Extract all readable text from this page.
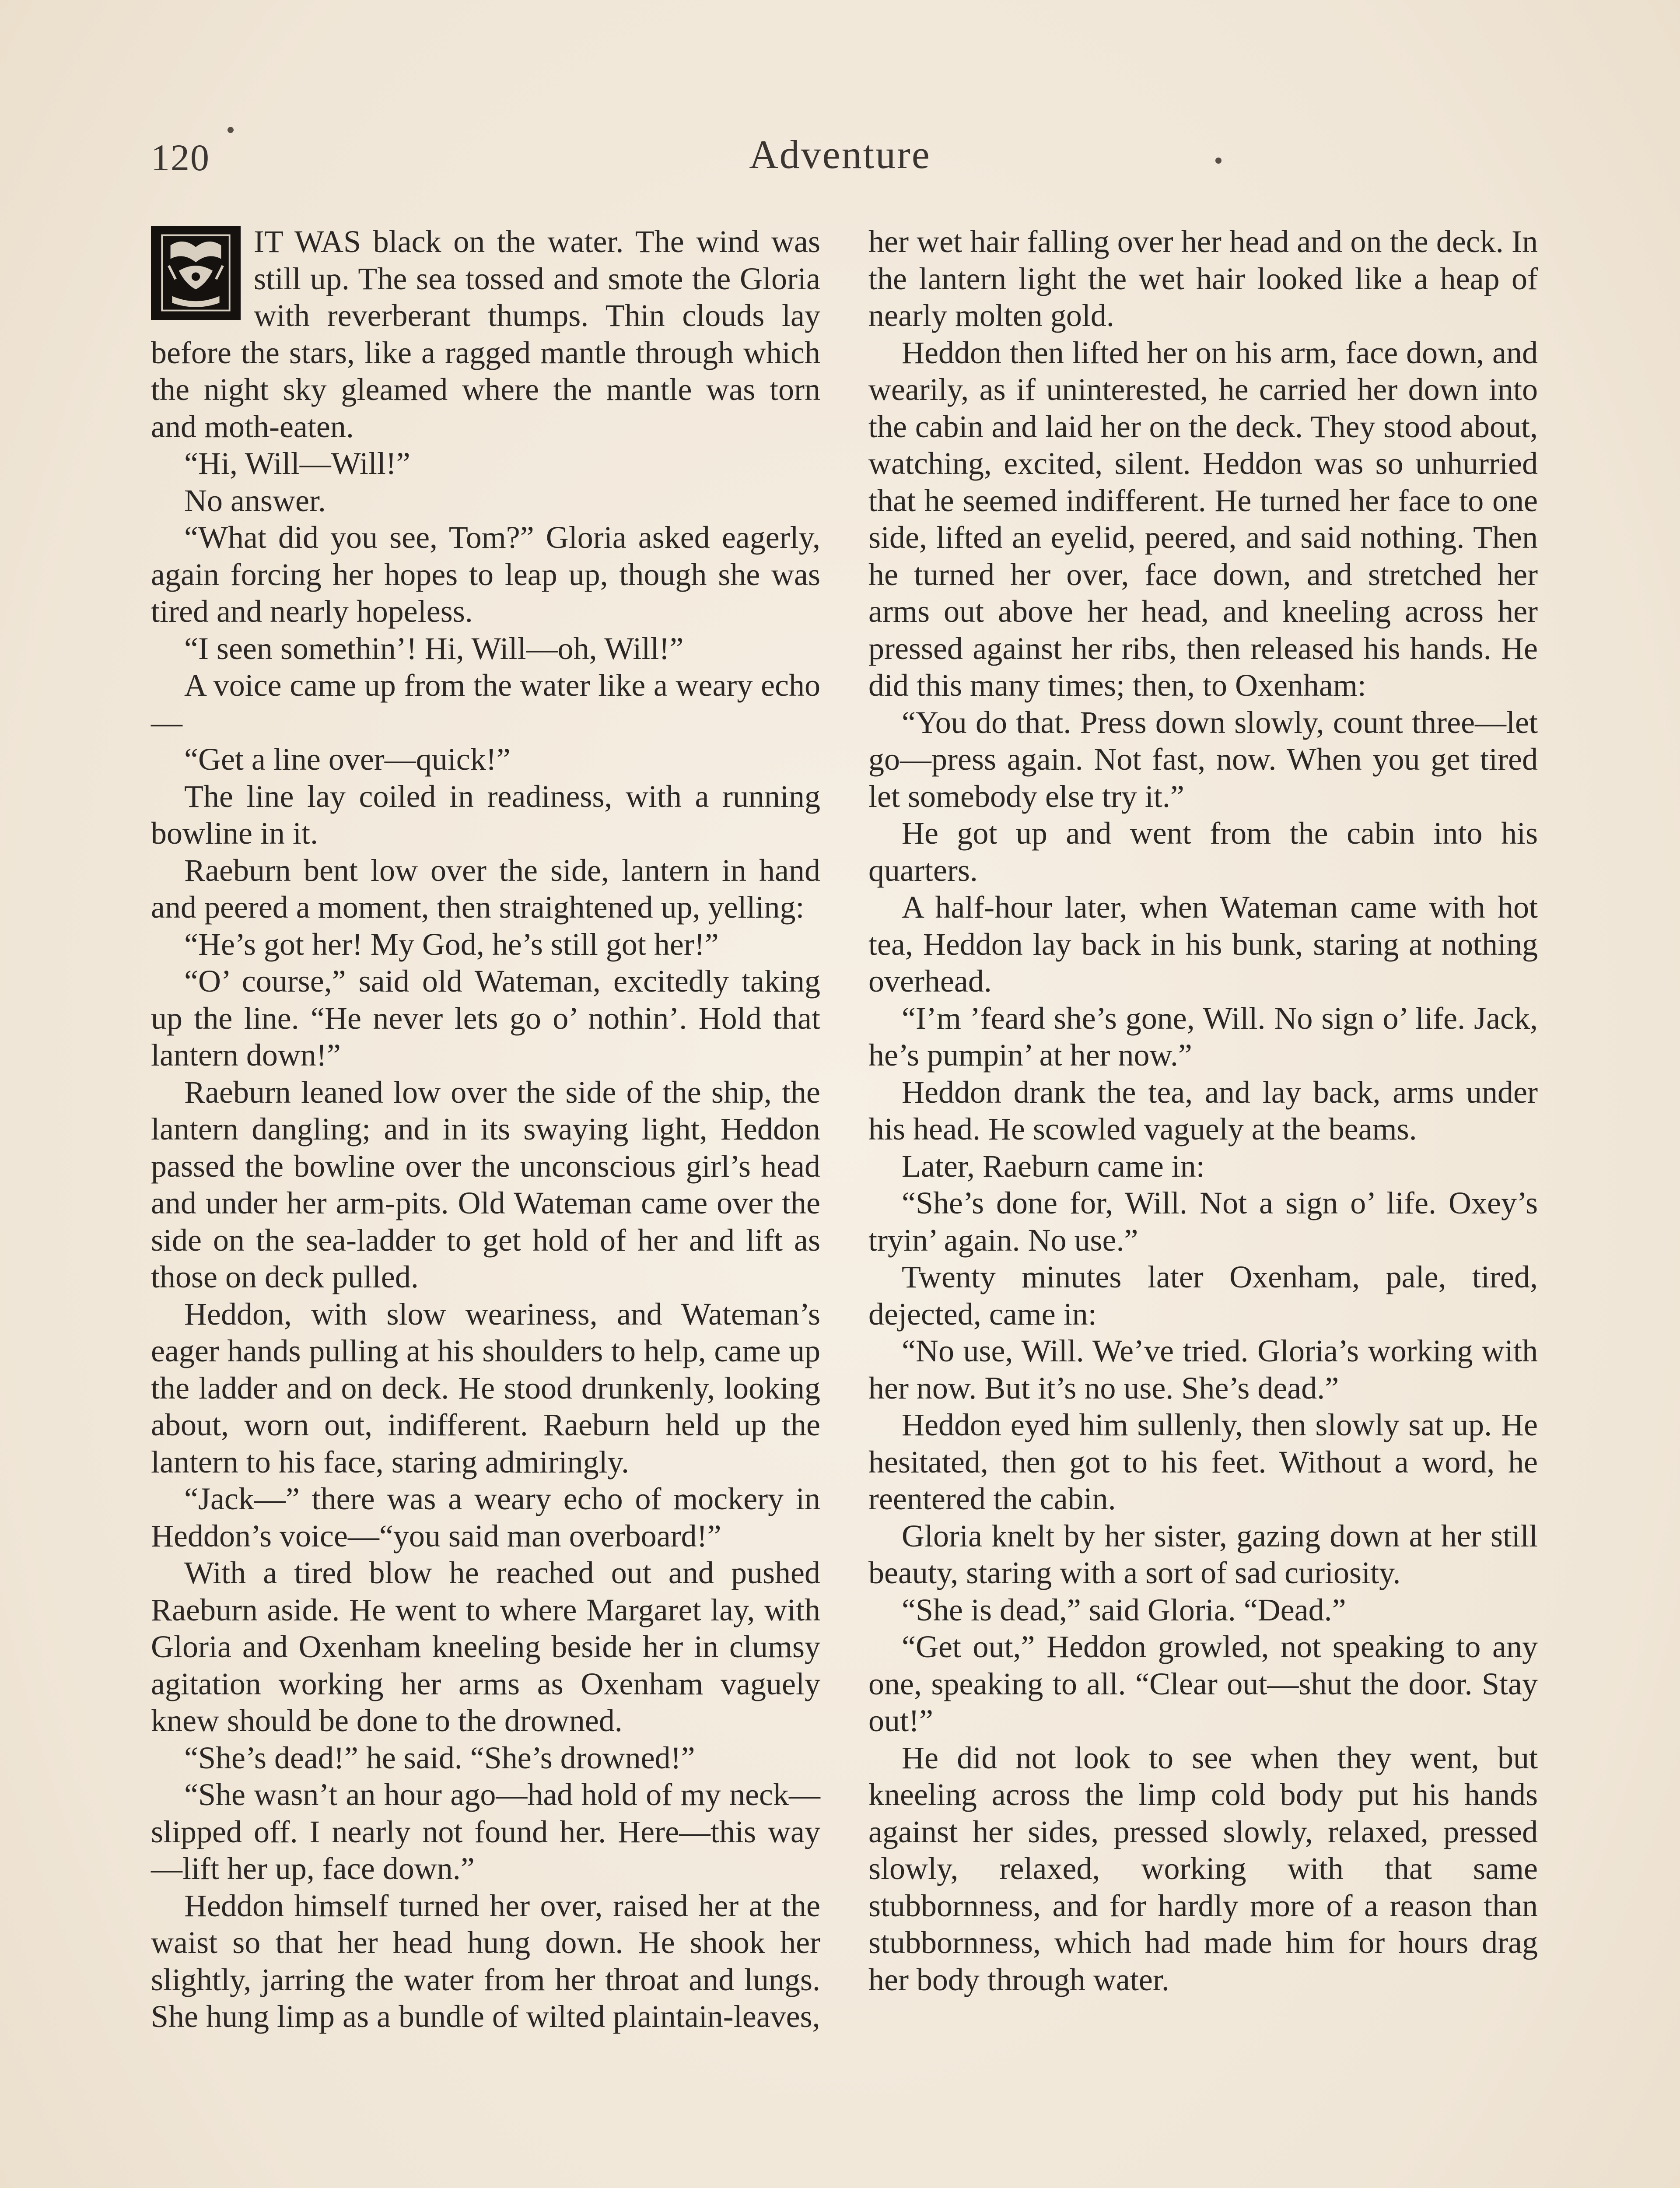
120	Adventure

IT WAS black on the water. The wind was still up. The sea tossed and smote the Gloria with reverberant thumps. Thin clouds lay before the stars, like a ragged mantle through which the night sky gleamed where the mantle was torn and moth-eaten.

“Hi, Will—Will!”

No answer.

“What did you see, Tom?” Gloria asked eagerly, again forcing her hopes to leap up, though she was tired and nearly hopeless.

“I seen somethin’! Hi, Will—oh, Will!”

A voice came up from the water like a weary echo—

“Get a line over—quick!”

The line lay coiled in readiness, with a running bowline in it.

Raeburn bent low over the side, lantern in hand and peered a moment, then straightened up, yelling:

“He’s got her! My God, he’s still got her!”

“O’ course,” said old Wateman, excitedly taking up the line. “He never lets go o’ nothin’. Hold that lantern down!”

Raeburn leaned low over the side of the ship, the lantern dangling; and in its swaying light, Heddon passed the bowline over the unconscious girl’s head and under her arm-pits. Old Wateman came over the side on the sea-ladder to get hold of her and lift as those on deck pulled.

Heddon, with slow weariness, and Wateman’s eager hands pulling at his shoulders to help, came up the ladder and on deck. He stood drunkenly, looking about, worn out, indifferent. Raeburn held up the lantern to his face, staring admiringly.

“Jack—” there was a weary echo of mockery in Heddon’s voice—“you said man overboard!”

With a tired blow he reached out and pushed Raeburn aside. He went to where Margaret lay, with Gloria and Oxenham kneeling beside her in clumsy agitation working her arms as Oxenham vaguely knew should be done to the drowned.

“She’s dead!” he said. “She’s drowned!”

“She wasn’t an hour ago—had hold of my neck—slipped off. I nearly not found her. Here—this way—lift her up, face down.”

Heddon himself turned her over, raised her at the waist so that her head hung down. He shook her slightly, jarring the water from her throat and lungs. She hung limp as a bundle of wilted plaintain-leaves,

her wet hair falling over her head and on the deck. In the lantern light the wet hair looked like a heap of nearly molten gold.

Heddon then lifted her on his arm, face down, and wearily, as if uninterested, he carried her down into the cabin and laid her on the deck. They stood about, watching, excited, silent. Heddon was so unhurried that he seemed indifferent. He turned her face to one side, lifted an eyelid, peered, and said nothing. Then he turned her over, face down, and stretched her arms out above her head, and kneeling across her pressed against her ribs, then released his hands. He did this many times; then, to Oxenham:

“You do that. Press down slowly, count three—let go—press again. Not fast, now. When you get tired let somebody else try it.”

He got up and went from the cabin into his quarters.

A half-hour later, when Wateman came with hot tea, Heddon lay back in his bunk, staring at nothing overhead.

“I’m ’feard she’s gone, Will. No sign o’ life. Jack, he’s pumpin’ at her now.”

Heddon drank the tea, and lay back, arms under his head. He scowled vaguely at the beams.

Later, Raeburn came in:

“She’s done for, Will. Not a sign o’ life. Oxey’s tryin’ again. No use.”

Twenty minutes later Oxenham, pale, tired, dejected, came in:

“No use, Will. We’ve tried. Gloria’s working with her now. But it’s no use. She’s dead.”

Heddon eyed him sullenly, then slowly sat up. He hesitated, then got to his feet. Without a word, he reentered the cabin.

Gloria knelt by her sister, gazing down at her still beauty, staring with a sort of sad curiosity.

“She is dead,” said Gloria. “Dead.”

“Get out,” Heddon growled, not speaking to any one, speaking to all. “Clear out—shut the door. Stay out!”

He did not look to see when they went, but kneeling across the limp cold body put his hands against her sides, pressed slowly, relaxed, pressed slowly, relaxed, working with that same stubbornness, and for hardly more of a reason than stubbornness, which had made him for hours drag her body through water.
